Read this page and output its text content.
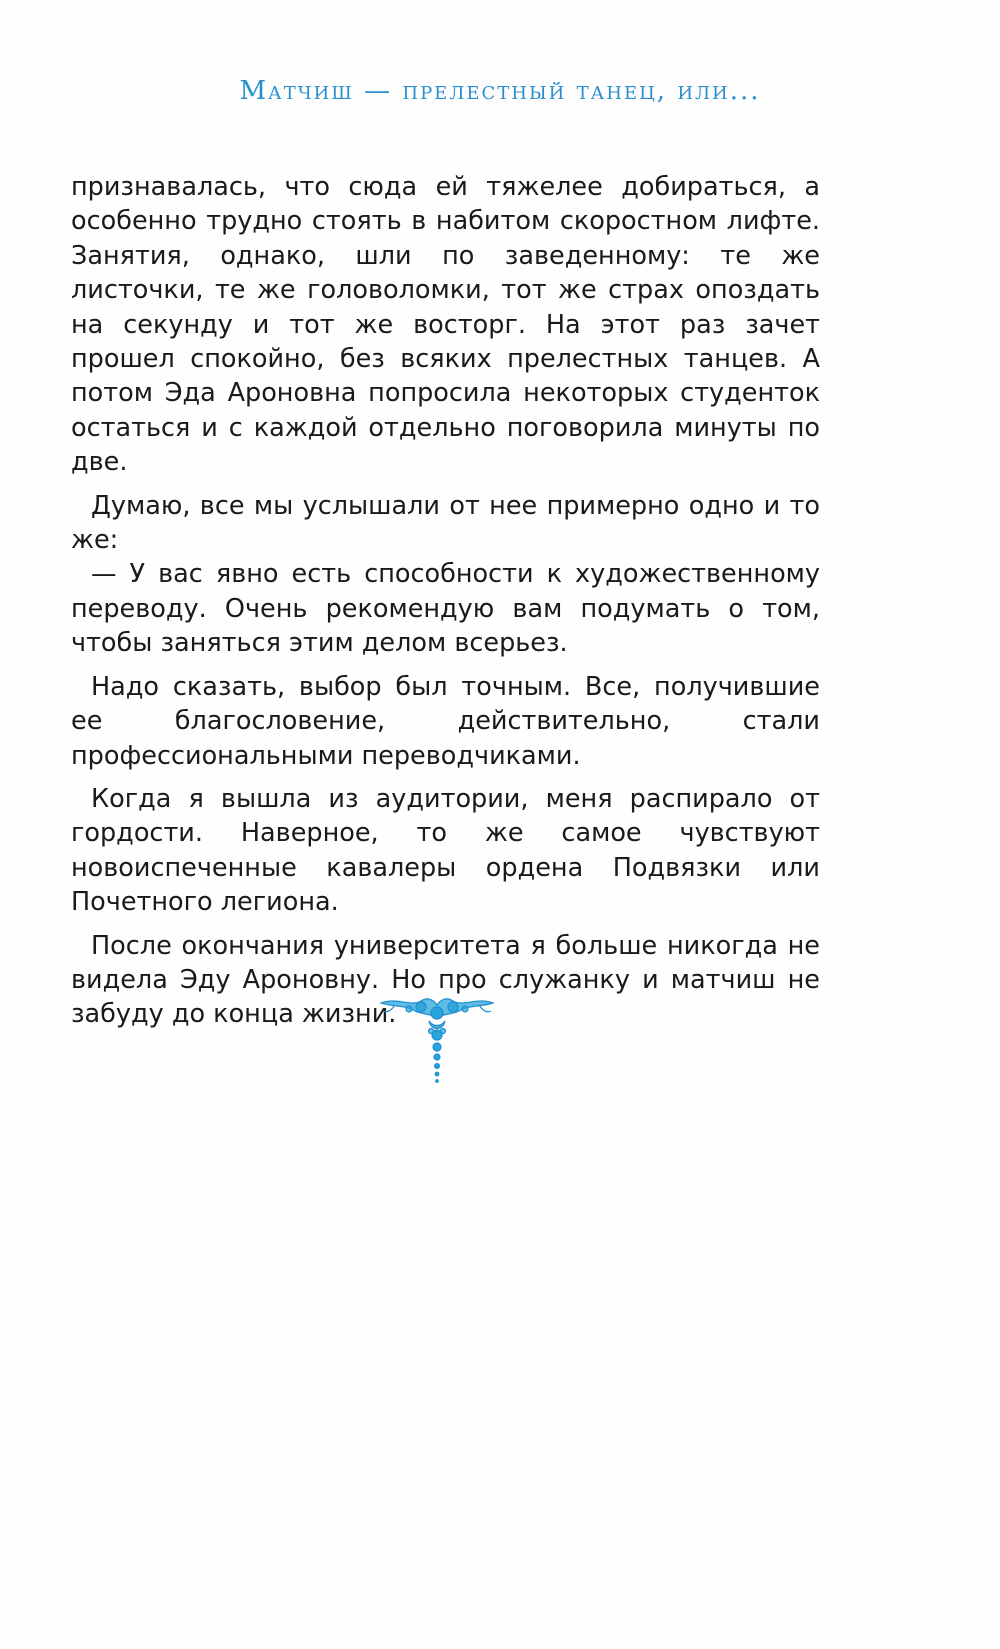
Матчиш — прелестный танец, или...

признавалась, что сюда ей тяжелее добираться, а особенно трудно стоять в набитом скоростном лифте. Занятия, однако, шли по заведенному: те же листочки, те же головоломки, тот же страх опоздать на секунду и тот же восторг. На этот раз зачет прошел спокойно, без всяких прелестных танцев. А потом Эда Ароновна попросила некоторых студенток остаться и с каждой отдельно поговорила минуты по две.

Думаю, все мы услышали от нее примерно одно и то же:

— У вас явно есть способности к художественному переводу. Очень рекомендую вам подумать о том, чтобы заняться этим делом всерьез.

Надо сказать, выбор был точным. Все, получившие ее благословение, действительно, стали профессиональными переводчиками.

Когда я вышла из аудитории, меня распирало от гордости. Наверное, то же самое чувствуют новоиспеченные кавалеры ордена Подвязки или Почетного легиона.

После окончания университета я больше никогда не видела Эду Ароновну. Но про служанку и матчиш не забуду до конца жизни.
